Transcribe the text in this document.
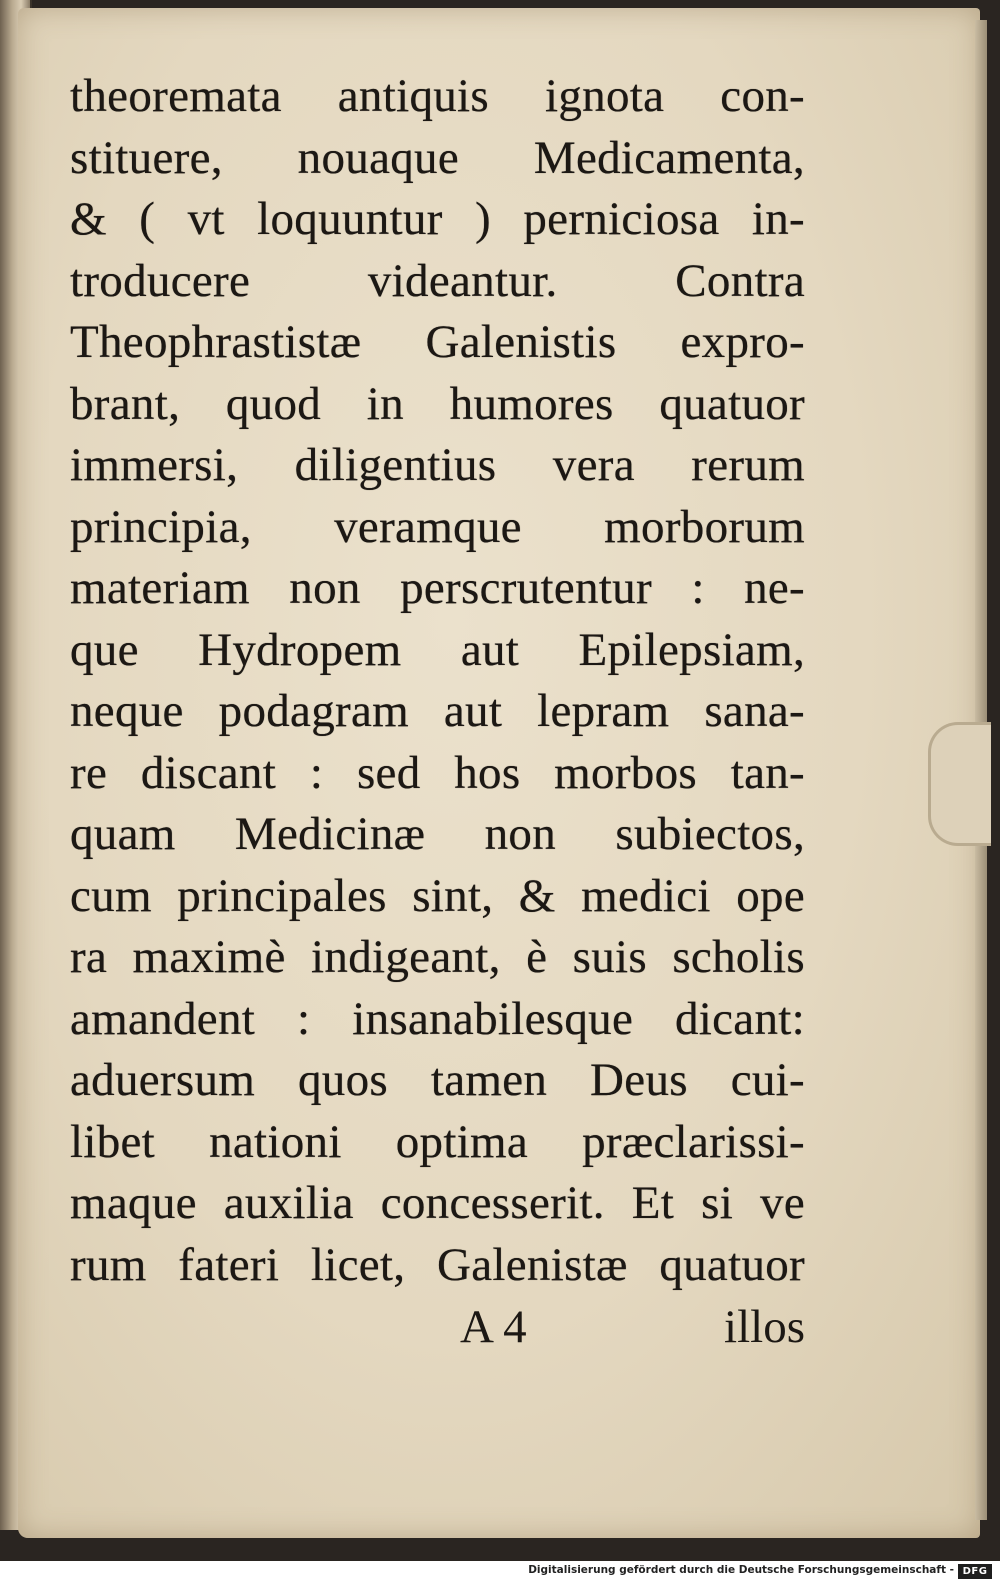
theoremata antiquis ignota con-
stituere, nouaque Medicamenta,
& ( vt loquuntur ) perniciosa in-
troducere videantur. Contra
Theophrastistæ Galenistis expro-
brant, quod in humores quatuor
immersi, diligentius vera rerum
principia, veramque morborum
materiam non perscrutentur : ne-
que Hydropem aut Epilepsiam,
neque podagram aut lepram sana-
re discant : sed hos morbos tan-
quam Medicinæ non subiectos,
cum principales sint, & medici ope
ra maximè indigeant, è suis scholis
amandent : insanabilesque dicant:
aduersum quos tamen Deus cui-
libet nationi optima præclarissi-
maque auxilia concesserit. Et si ve
rum fateri licet, Galenistæ quatuor
A 4	illos
Digitalisierung gefördert durch die Deutsche Forschungsgemeinschaft - DFG
